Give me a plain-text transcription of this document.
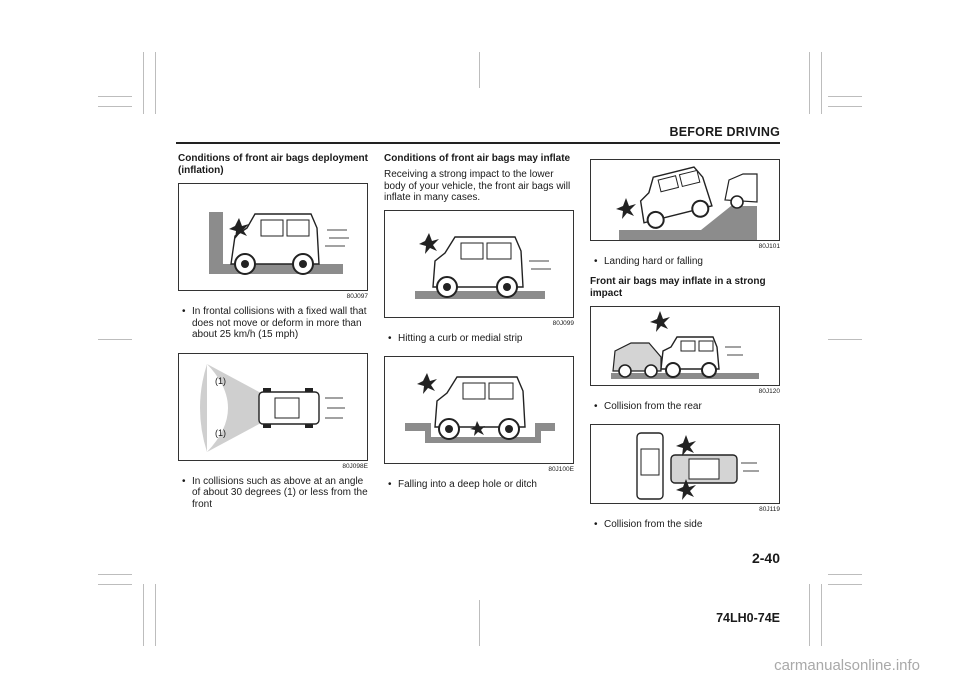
BEFORE DRIVING

Conditions of front air bags deployment (inflation)

80J097

• In frontal collisions with a fixed wall that does not move or deform in more than about 25 km/h (15 mph)

(1)
(1)
80J098E

• In collisions such as above at an angle of about 30 degrees (1) or less from the front

Conditions of front air bags may inflate

Receiving a strong impact to the lower body of your vehicle, the front air bags will inflate in many cases.

80J099

• Hitting a curb or medial strip

80J100E

• Falling into a deep hole or ditch

80J101

• Landing hard or falling

Front air bags may inflate in a strong impact

80J120

• Collision from the rear

80J119

• Collision from the side

2-40
74LH0-74E
carmanualsonline.info
